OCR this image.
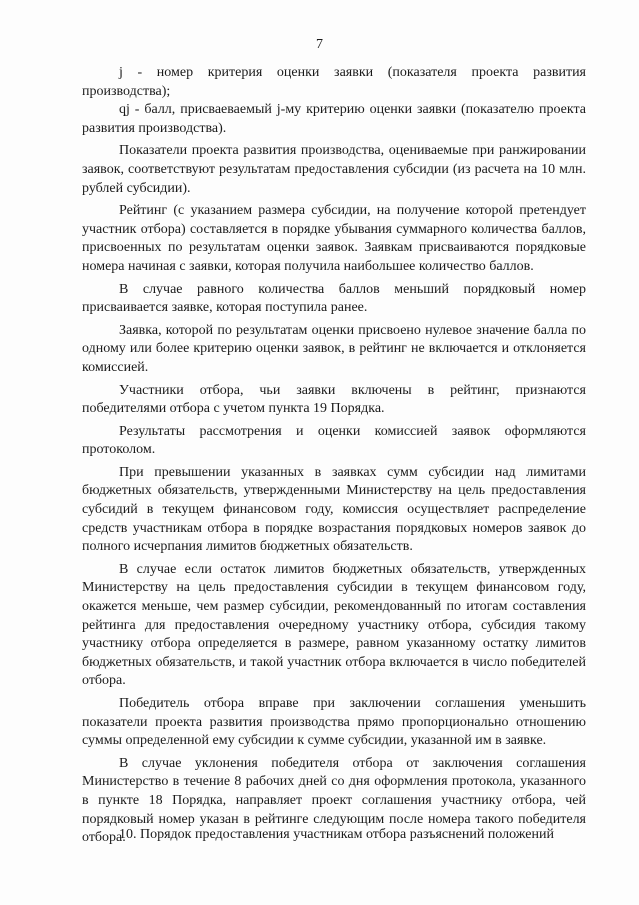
7

j - номер критерия оценки заявки (показателя проекта развития производства);

qj - балл, присваеваемый j-му критерию оценки заявки (показателю проекта развития производства).

Показатели проекта развития производства, оцениваемые при ранжировании заявок, соответствуют результатам предоставления субсидии (из расчета на 10 млн. рублей субсидии).

Рейтинг (с указанием размера субсидии, на получение которой претендует участник отбора) составляется в порядке убывания суммарного количества баллов, присвоенных по результатам оценки заявок. Заявкам присваиваются порядковые номера начиная с заявки, которая получила наибольшее количество баллов.

В случае равного количества баллов меньший порядковый номер присваивается заявке, которая поступила ранее.

Заявка, которой по результатам оценки присвоено нулевое значение балла по одному или более критерию оценки заявок, в рейтинг не включается и отклоняется комиссией.

Участники отбора, чьи заявки включены в рейтинг, признаются победителями отбора с учетом пункта 19 Порядка.

Результаты рассмотрения и оценки комиссией заявок оформляются протоколом.

При превышении указанных в заявках сумм субсидии над лимитами бюджетных обязательств, утвержденными Министерству на цель предоставления субсидий в текущем финансовом году, комиссия осуществляет распределение средств участникам отбора в порядке возрастания порядковых номеров заявок до полного исчерпания лимитов бюджетных обязательств.

В случае если остаток лимитов бюджетных обязательств, утвержденных Министерству на цель предоставления субсидии в текущем финансовом году, окажется меньше, чем размер субсидии, рекомендованный по итогам составления рейтинга для предоставления очередному участнику отбора, субсидия такому участнику отбора определяется в размере, равном указанному остатку лимитов бюджетных обязательств, и такой участник отбора включается в число победителей отбора.

Победитель отбора вправе при заключении соглашения уменьшить показатели проекта развития производства прямо пропорционально отношению суммы определенной ему субсидии к сумме субсидии, указанной им в заявке.

В случае уклонения победителя отбора от заключения соглашения Министерство в течение 8 рабочих дней со дня оформления протокола, указанного в пункте 18 Порядка, направляет проект соглашения участнику отбора, чей порядковый номер указан в рейтинге следующим после номера такого победителя отбора.

10. Порядок предоставления участникам отбора разъяснений положений
